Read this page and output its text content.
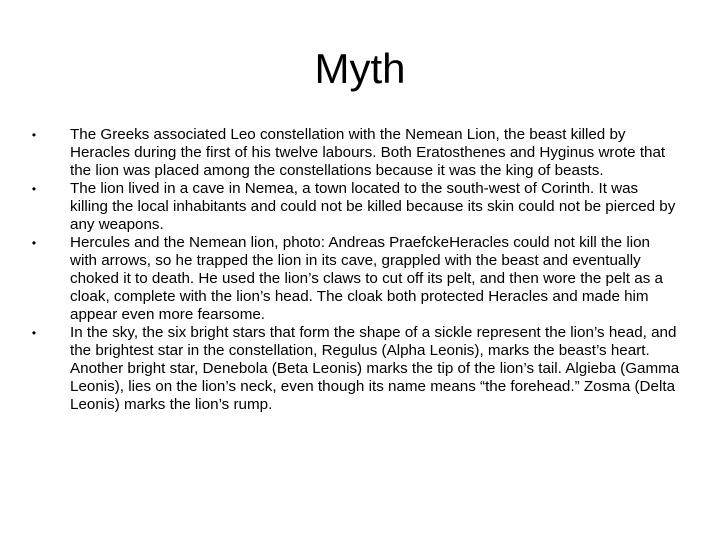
Myth
• The Greeks associated Leo constellation with the Nemean Lion, the beast killed by Heracles during the first of his twelve labours. Both Eratosthenes and Hyginus wrote that the lion was placed among the constellations because it was the king of beasts.
• The lion lived in a cave in Nemea, a town located to the south-west of Corinth. It was killing the local inhabitants and could not be killed because its skin could not be pierced by any weapons.
• Hercules and the Nemean lion, photo: Andreas PraefckeHeracles could not kill the lion with arrows, so he trapped the lion in its cave, grappled with the beast and eventually choked it to death. He used the lion’s claws to cut off its pelt, and then wore the pelt as a cloak, complete with the lion’s head. The cloak both protected Heracles and made him appear even more fearsome.
• In the sky, the six bright stars that form the shape of a sickle represent the lion’s head, and the brightest star in the constellation, Regulus (Alpha Leonis), marks the beast’s heart. Another bright star, Denebola (Beta Leonis) marks the tip of the lion’s tail. Algieba (Gamma Leonis), lies on the lion’s neck, even though its name means “the forehead.” Zosma (Delta Leonis) marks the lion’s rump.
